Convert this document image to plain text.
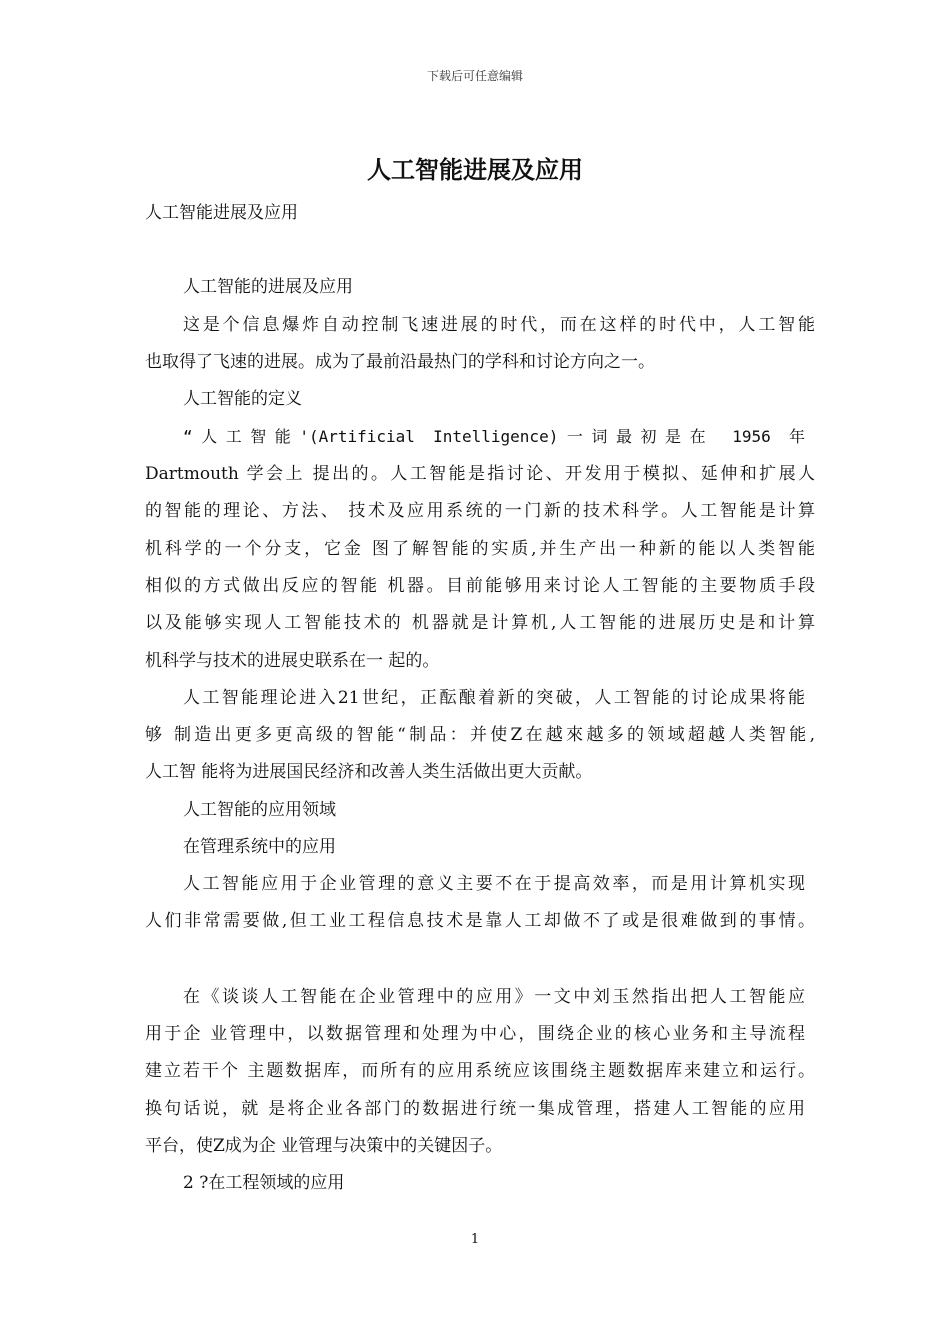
下载后可任意编辑
人工智能进展及应用
人工智能进展及应用
人工智能的进展及应用
这是个信息爆炸自动控制飞速进展的时代，而在这样的时代中，人工智能
也取得了飞速的进展。成为了最前沿最热门的学科和讨论方向之一。
人工智能的定义
“人工智能'(Artificial Intelligence)一词最初是在 1956 年
Dartmouth 学会上 提出的。人工智能是指讨论、开发用于模拟、延伸和扩展人
的智能的理论、方法、 技术及应用系统的一门新的技术科学。人工智能是计算
机科学的一个分支，它金 图了解智能的实质,并生产出一种新的能以人类智能
相似的方式做出反应的智能 机器。目前能够用来讨论人工智能的主要物质手段
以及能够实现人工智能技术的 机器就是计算机,人工智能的进展历史是和计算
机科学与技术的进展史联系在一 起的。
人工智能理论进入21世纪，正酝酿着新的突破，人工智能的讨论成果将能
够 制造出更多更高级的智能“制品：并使Z在越來越多的领域超越人类智能,
人工智 能将为进展国民经济和改善人类生活做出更大贡献。
人工智能的应用领域
在管理系统中的应用
人工智能应用于企业管理的意义主要不在于提高效率，而是用计算机实现
人们非常需要做,但工业工程信息技术是靠人工却做不了或是很难做到的事情。
在《谈谈人工智能在企业管理中的应用》一文中刘玉然指出把人工智能应
用于企 业管理中，以数据管理和处理为中心，围绕企业的核心业务和主导流程
建立若干个 主题数据库，而所有的应用系统应该围绕主题数据库来建立和运行。
换句话说，就 是将企业各部门的数据进行统一集成管理，搭建人工智能的应用
平台，使Z成为企 业管理与决策中的关键因子。
2 ?在工程领域的应用
1
